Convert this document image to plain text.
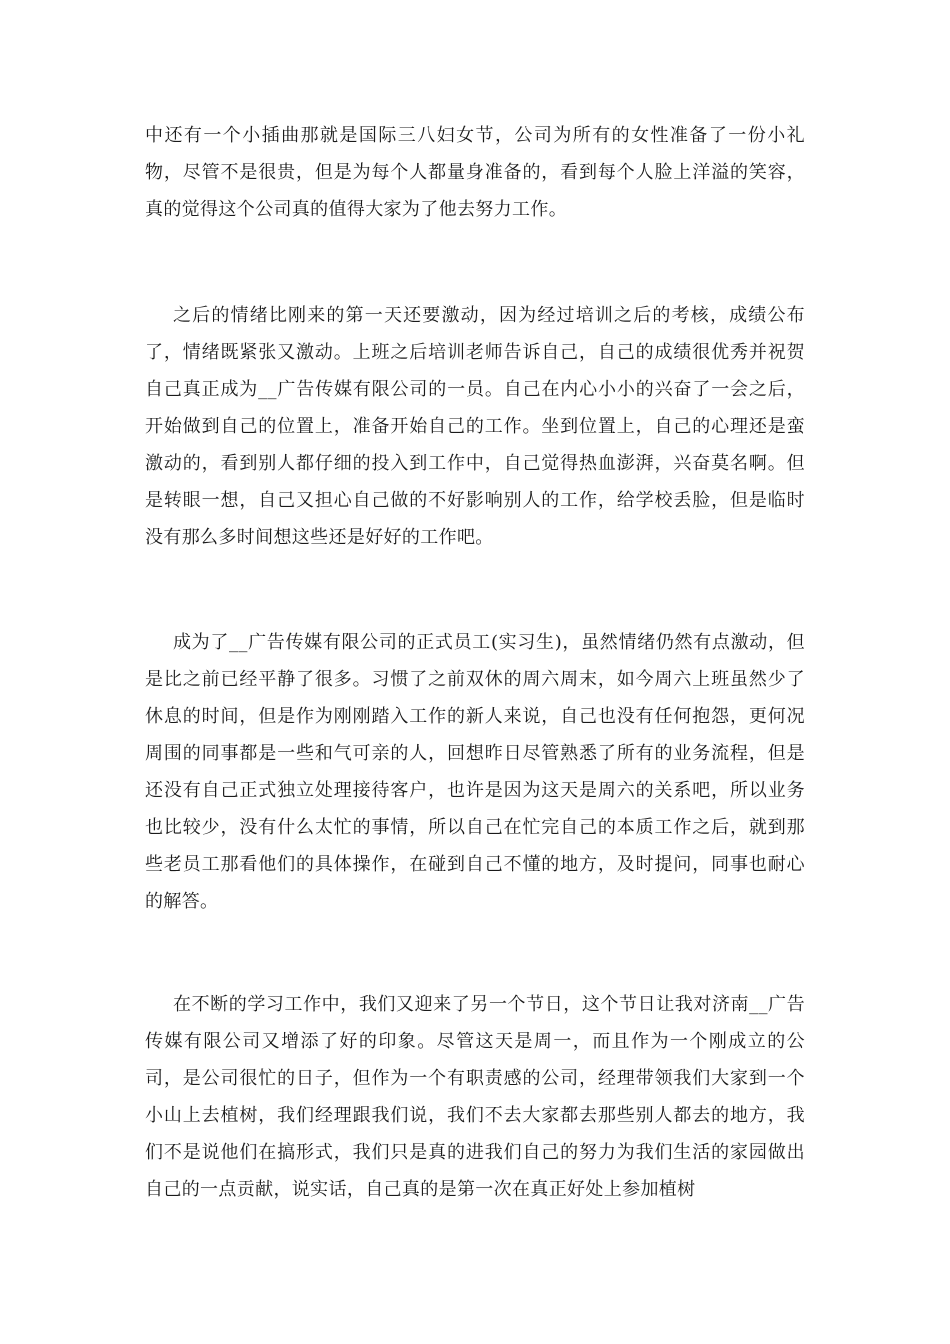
中还有一个小插曲那就是国际三八妇女节，公司为所有的女性准备了一份小礼物，尽管不是很贵，但是为每个人都量身准备的，看到每个人脸上洋溢的笑容，真的觉得这个公司真的值得大家为了他去努力工作。

之后的情绪比刚来的第一天还要激动，因为经过培训之后的考核，成绩公布了，情绪既紧张又激动。上班之后培训老师告诉自己，自己的成绩很优秀并祝贺自己真正成为__广告传媒有限公司的一员。自己在内心小小的兴奋了一会之后，开始做到自己的位置上，准备开始自己的工作。坐到位置上，自己的心理还是蛮激动的，看到别人都仔细的投入到工作中，自己觉得热血澎湃，兴奋莫名啊。但是转眼一想，自己又担心自己做的不好影响别人的工作，给学校丢脸，但是临时没有那么多时间想这些还是好好的工作吧。

成为了__广告传媒有限公司的正式员工(实习生)，虽然情绪仍然有点激动，但是比之前已经平静了很多。习惯了之前双休的周六周末，如今周六上班虽然少了休息的时间，但是作为刚刚踏入工作的新人来说，自己也没有任何抱怨，更何况周围的同事都是一些和气可亲的人，回想昨日尽管熟悉了所有的业务流程，但是还没有自己正式独立处理接待客户，也许是因为这天是周六的关系吧，所以业务也比较少，没有什么太忙的事情，所以自己在忙完自己的本质工作之后，就到那些老员工那看他们的具体操作，在碰到自己不懂的地方，及时提问，同事也耐心的解答。

在不断的学习工作中，我们又迎来了另一个节日，这个节日让我对济南__广告传媒有限公司又增添了好的印象。尽管这天是周一，而且作为一个刚成立的公司，是公司很忙的日子，但作为一个有职责感的公司，经理带领我们大家到一个小山上去植树，我们经理跟我们说，我们不去大家都去那些别人都去的地方，我们不是说他们在搞形式，我们只是真的进我们自己的努力为我们生活的家园做出自己的一点贡献，说实话，自己真的是第一次在真正好处上参加植树
